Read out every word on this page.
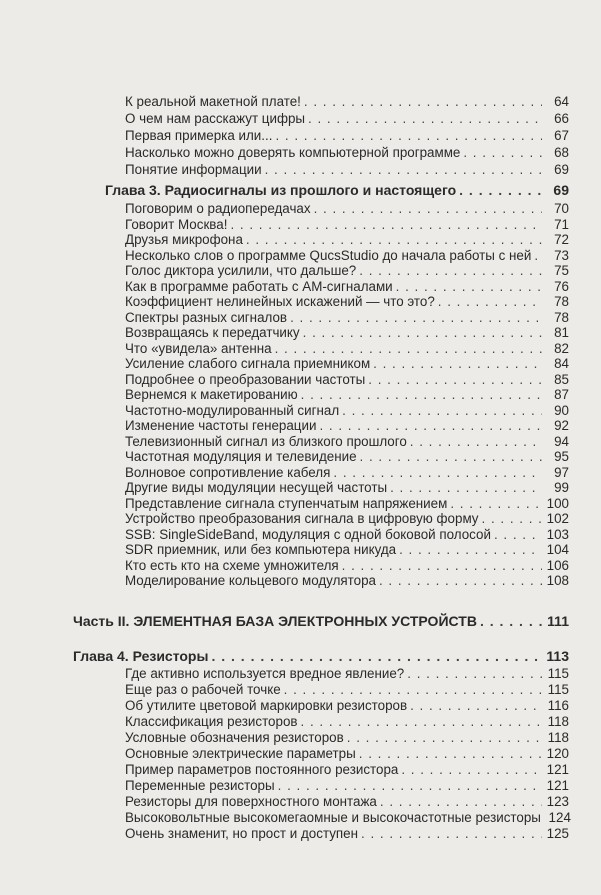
К реальной макетной плате! . . .	64
О чем нам расскажут цифры . . .	66
Первая примерка или... . . .	67
Насколько можно доверять компьютерной программе . . .	68
Понятие информации . . .	69
Глава 3. Радиосигналы из прошлого и настоящего . . .	69
Поговорим о радиопередачах . . .	70
Говорит Москва! . . .	71
Друзья микрофона . . .	72
Несколько слов о программе QucsStudio до начала работы с ней . . .	73
Голос диктора усилили, что дальше? . . .	75
Как в программе работать с АМ-сигналами . . .	76
Коэффициент нелинейных искажений — что это? . . .	78
Спектры разных сигналов . . .	78
Возвращаясь к передатчику . . .	81
Что «увидела» антенна . . .	82
Усиление слабого сигнала приемником . . .	84
Подробнее о преобразовании частоты . . .	85
Вернемся к макетированию . . .	87
Частотно-модулированный сигнал . . .	90
Изменение частоты генерации . . .	92
Телевизионный сигнал из близкого прошлого . . .	94
Частотная модуляция и телевидение . . .	95
Волновое сопротивление кабеля . . .	97
Другие виды модуляции несущей частоты . . .	99
Представление сигнала ступенчатым напряжением . . .	100
Устройство преобразования сигнала в цифровую форму . . .	102
SSB: SingleSideBand, модуляция с одной боковой полосой . . .	103
SDR приемник, или без компьютера никуда . . .	104
Кто есть кто на схеме умножителя . . .	106
Моделирование кольцевого модулятора . . .	108
Часть II. ЭЛЕМЕНТНАЯ БАЗА ЭЛЕКТРОННЫХ УСТРОЙСТВ . . .	111
Глава 4. Резисторы . . .	113
Где активно используется вредное явление? . . .	115
Еще раз о рабочей точке . . .	115
Об утилите цветовой маркировки резисторов . . .	116
Классификация резисторов . . .	118
Условные обозначения резисторов . . .	118
Основные электрические параметры . . .	120
Пример параметров постоянного резистора . . .	121
Переменные резисторы . . .	121
Резисторы для поверхностного монтажа . . .	123
Высоковольтные высокомегаомные и высокочастотные резисторы 124
Очень знаменит, но прост и доступен . . .	125
